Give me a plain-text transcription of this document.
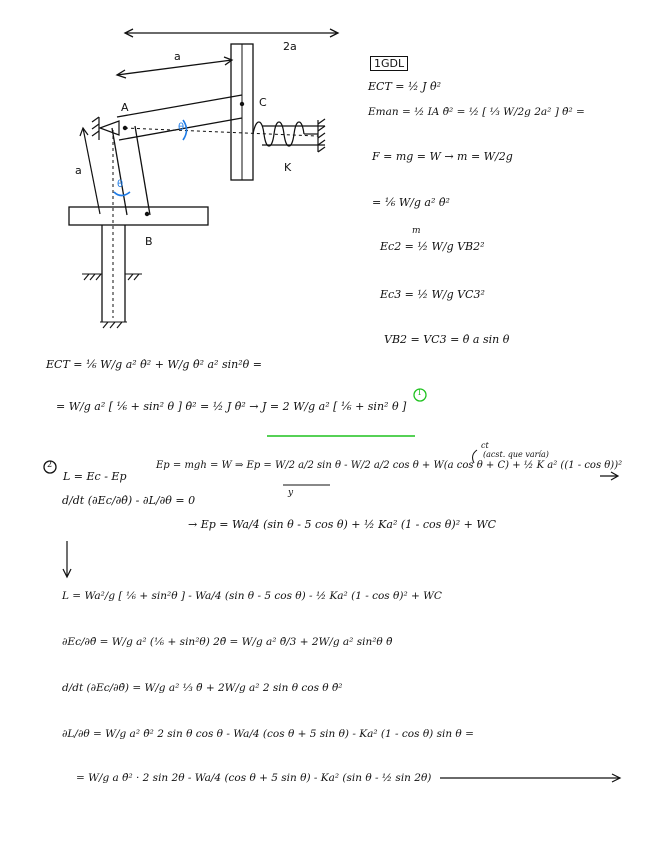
a
2a
a
A
B
C
K
θ
θ
1GDL
ECT = ½ J θ̇²
Eman = ½ IA θ̇² = ½ [ ⅓ W/2g 2a² ] θ̇² =
F = mg = W → m = W/2g
= ⅙ W/g a² θ̇²
m
Ec2 = ½ W/g VB2²
Ec3 = ½ W/g VC3²
VB2 = VC3 = θ̇ a sin θ
ECT = ⅙ W/g a² θ̇² + W/g θ̇² a² sin²θ =
= W/g a² [ ⅙ + sin² θ ] θ̇² = ½ J θ̇² → J = 2 W/g a² [ ⅙ + sin² θ ]
1
2
L = Ec - Ep
Ep = mgh = W ⇒ Ep = W/2 a/2 sin θ - W/2 a/2 cos θ + W(a cos θ + C) + ½ K a² ((1 - cos θ))²
ct
(acst. que varía)
y
d/dt (∂Ec/∂θ̇) - ∂L/∂θ = 0
→ Ep = Wa/4 (sin θ - 5 cos θ) + ½ Ka² (1 - cos θ)² + WC
L = Wa²/g [ ⅙ + sin²θ ] - Wa/4 (sin θ - 5 cos θ) - ½ Ka² (1 - cos θ)² + WC
∂Ec/∂θ̇ = W/g a² (⅙ + sin²θ) 2θ̇ = W/g a² θ̇/3 + 2W/g a² sin²θ θ̇
d/dt (∂Ec/∂θ̇) = W/g a² ⅓ θ̈ + 2W/g a² 2 sin θ cos θ θ̇²
∂L/∂θ = W/g a² θ̇² 2 sin θ cos θ - Wa/4 (cos θ + 5 sin θ) - Ka² (1 - cos θ) sin θ =
= W/g a θ̇² · 2 sin 2θ - Wa/4 (cos θ + 5 sin θ) - Ka² (sin θ - ½ sin 2θ)
